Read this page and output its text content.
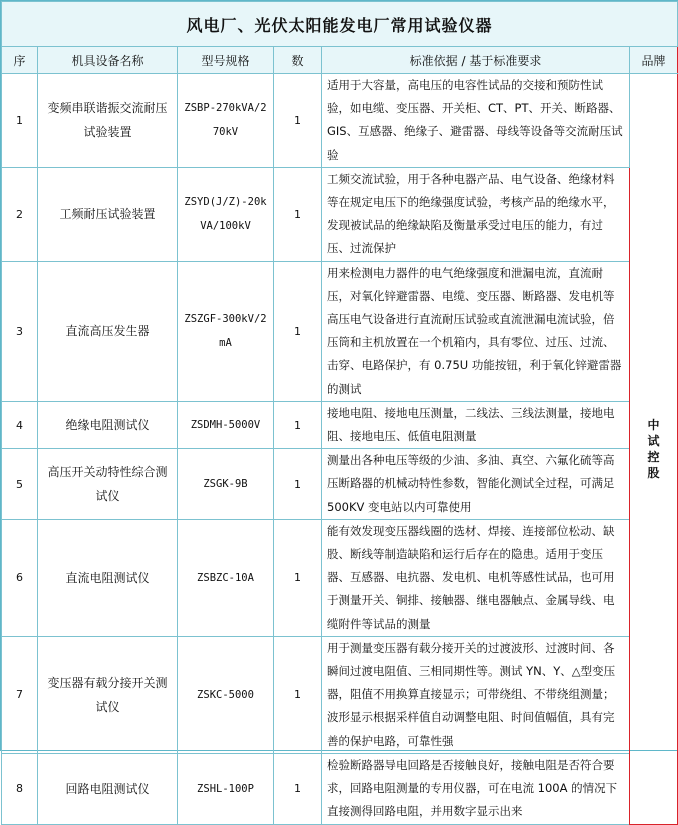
风电厂、光伏太阳能发电厂常用试验仪器					
序	机具设备名称	型号规格	数	标准依据 / 基于标准要求	品牌
1	变频串联谐振交流耐压试验装置	ZSBP-270kVA/270kV	1	适用于大容量，高电压的电容性试品的交接和预防性试验，如电缆、变压器、开关柜、CT、PT、开关、断路器、GIS、互感器、绝缘子、避雷器、母线等设备等交流耐压试验	中试控股
2	工频耐压试验装置	ZSYD(J/Z)-20kVA/100kV	1	工频交流试验，用于各种电器产品、电气设备、绝缘材料等在规定电压下的绝缘强度试验，考核产品的绝缘水平，发现被试品的绝缘缺陷及衡量承受过电压的能力，有过压、过流保护	
3	直流高压发生器	ZSZGF-300kV/2mA	1	用来检测电力器件的电气绝缘强度和泄漏电流，直流耐压，对氧化锌避雷器、电缆、变压器、断路器、发电机等高压电气设备进行直流耐压试验或直流泄漏电流试验，倍压筒和主机放置在一个机箱内，具有零位、过压、过流、击穿、电路保护，有 0.75U 功能按钮，利于氧化锌避雷器的测试	
4	绝缘电阻测试仪	ZSDMH-5000V	1	接地电阻、接地电压测量，二线法、三线法测量，接地电阻、接地电压、低值电阻测量	
5	高压开关动特性综合测试仪	ZSGK-9B	1	测量出各种电压等级的少油、多油、真空、六氟化硫等高压断路器的机械动特性参数，智能化测试全过程，可满足 500KV 变电站以内可靠使用	
6	直流电阻测试仪	ZSBZC-10A	1	能有效发现变压器线圈的选材、焊接、连接部位松动、缺股、断线等制造缺陷和运行后存在的隐患。适用于变压器、互感器、电抗器、发电机、电机等感性试品，也可用于测量开关、铜排、接触器、继电器触点、金属导线、电缆附件等试品的测量	
7	变压器有载分接开关测试仪	ZSKC-5000	1	用于测量变压器有载分接开关的过渡波形、过渡时间、各瞬间过渡电阻值、三相同期性等。测试 YN、Y、△型变压器，阻值不用换算直接显示；可带绕组、不带绕组测量；波形显示根据采样值自动调整电阻、时间值幅值，具有完善的保护电路，可靠性强	
8	回路电阻测试仪	ZSHL-100P	1	检验断路器导电回路是否接触良好，接触电阻是否符合要求，回路电阻测量的专用仪器，可在电流 100A 的情况下直接测得回路电阻，并用数字显示出来	
